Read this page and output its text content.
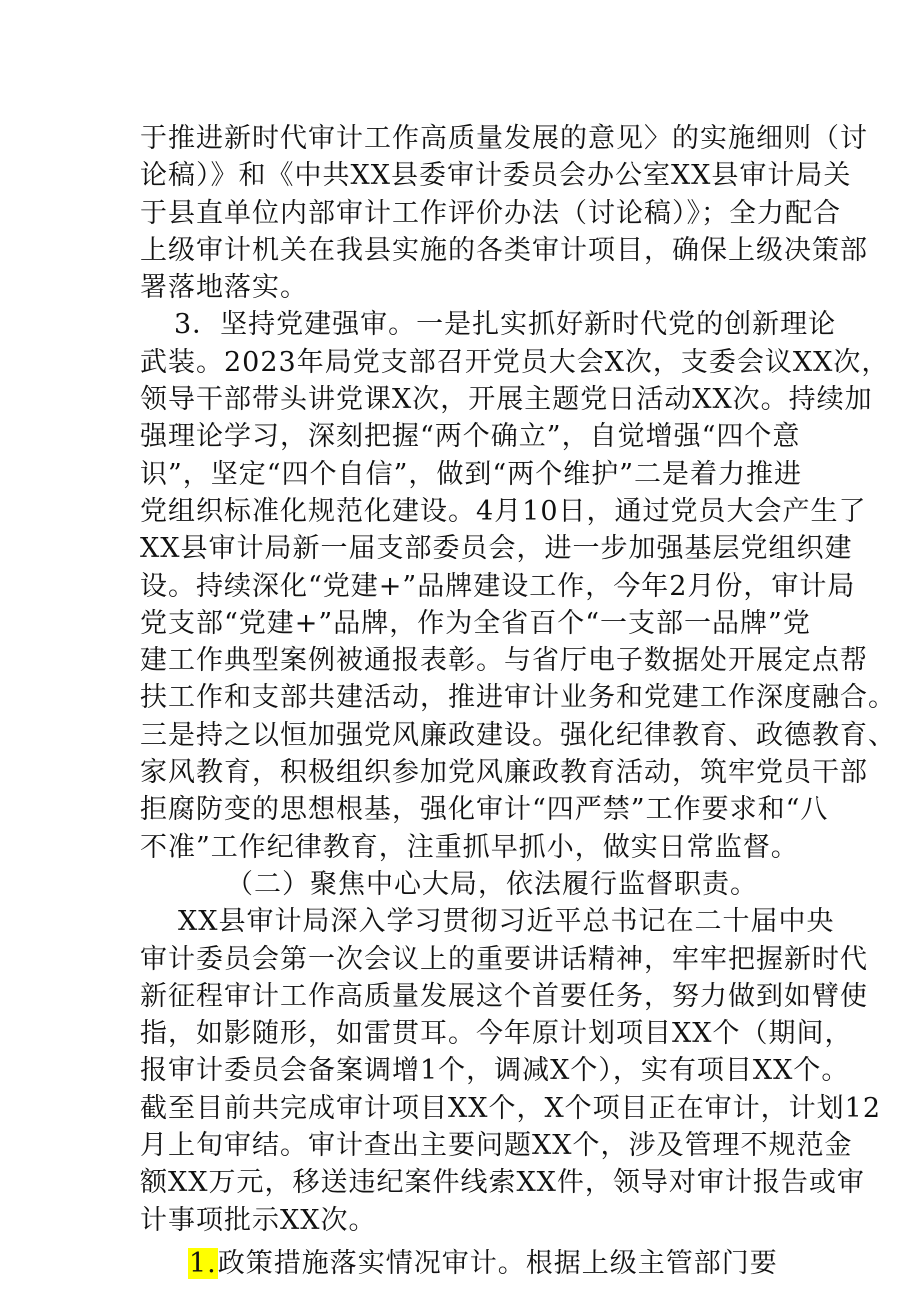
于推进新时代审计工作高质量发展的意见〉的实施细则（讨
论稿）》和《中共XX县委审计委员会办公室XX县审计局关
于县直单位内部审计工作评价办法（讨论稿）》；全力配合
上级审计机关在我县实施的各类审计项目，确保上级决策部
署落地落实。
3．坚持党建强审。一是扎实抓好新时代党的创新理论
武装。2023年局党支部召开党员大会X次，支委会议XX次，
领导干部带头讲党课X次，开展主题党日活动XX次。持续加
强理论学习，深刻把握“两个确立”，自觉增强“四个意
识”，坚定“四个自信”，做到“两个维护”二是着力推进
党组织标准化规范化建设。4月10日，通过党员大会产生了
XX县审计局新一届支部委员会，进一步加强基层党组织建
设。持续深化“党建+”品牌建设工作，今年2月份，审计局
党支部“党建+”品牌，作为全省百个“一支部一品牌”党
建工作典型案例被通报表彰。与省厅电子数据处开展定点帮
扶工作和支部共建活动，推进审计业务和党建工作深度融合。
三是持之以恒加强党风廉政建设。强化纪律教育、政德教育、
家风教育，积极组织参加党风廉政教育活动，筑牢党员干部
拒腐防变的思想根基，强化审计“四严禁”工作要求和“八
不准”工作纪律教育，注重抓早抓小，做实日常监督。
（二）聚焦中心大局，依法履行监督职责。
XX县审计局深入学习贯彻习近平总书记在二十届中央
审计委员会第一次会议上的重要讲话精神，牢牢把握新时代
新征程审计工作高质量发展这个首要任务，努力做到如臂使
指，如影随形，如雷贯耳。今年原计划项目XX个（期间，
报审计委员会备案调增1个，调减X个），实有项目XX个。
截至目前共完成审计项目XX个，X个项目正在审计，计划12
月上旬审结。审计查出主要问题XX个，涉及管理不规范金
额XX万元，移送违纪案件线索XX件，领导对审计报告或审
计事项批示XX次。
1.政策措施落实情况审计。根据上级主管部门要
